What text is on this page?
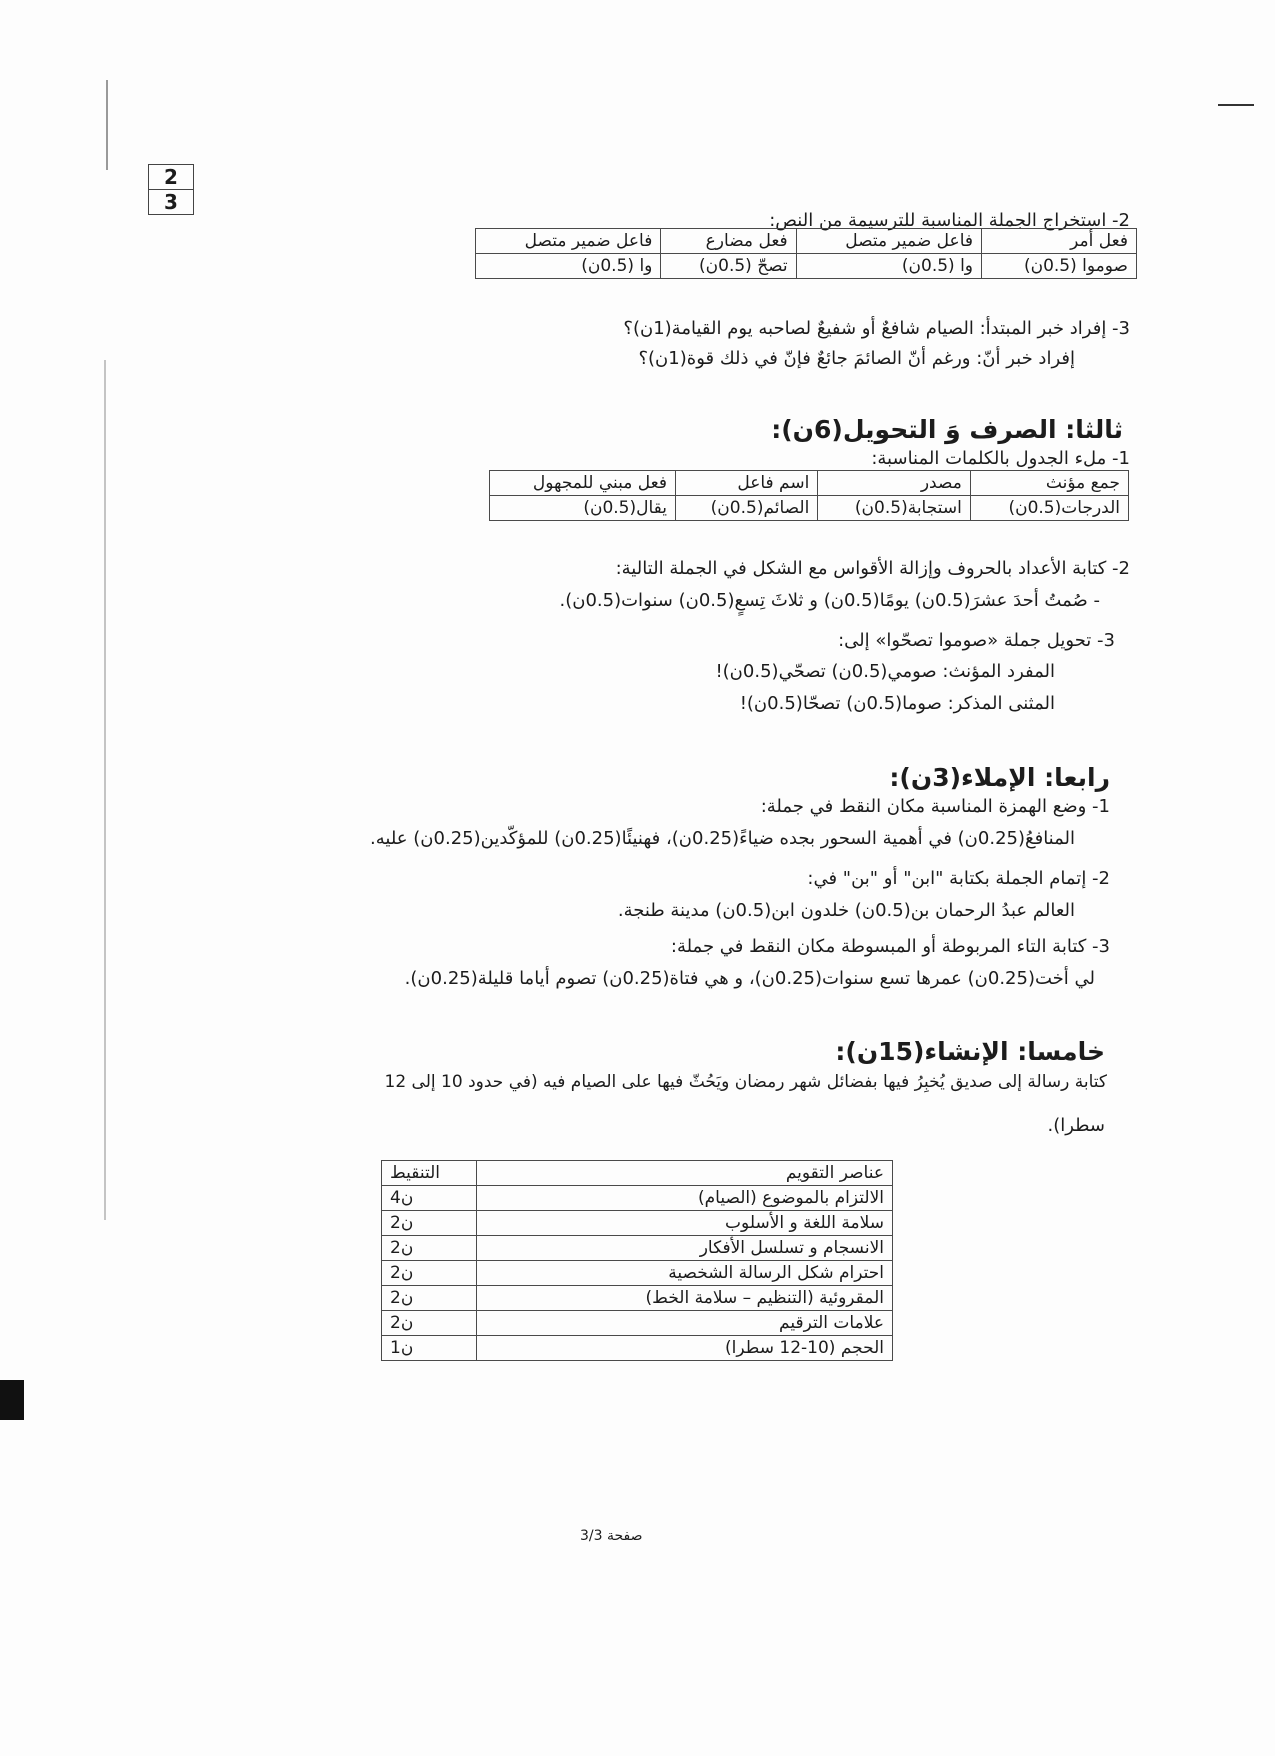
2
3
2- استخراج الجملة المناسبة للترسيمة من النص:
فعل أمر	فاعل ضمير متصل	فعل مضارع	فاعل ضمير متصل
صوموا (0.5ن)	وا (0.5ن)	تصحّ (0.5ن)	وا (0.5ن)
3- إفراد خبر المبتدأ: الصيام شافعٌ أو شفيعٌ لصاحبه يوم القيامة(1ن)؟
إفراد خبر أنّ: ورغم أنّ الصائمَ جائعٌ فإنّ في ذلك قوة(1ن)؟
ثالثا: الصرف وَ التحويل(6ن):
1- ملء الجدول بالكلمات المناسبة:
جمع مؤنث	مصدر	اسم فاعل	فعل مبني للمجهول
الدرجات(0.5ن)	استجابة(0.5ن)	الصائم(0.5ن)	يقال(0.5ن)
2- كتابة الأعداد بالحروف وإزالة الأقواس مع الشكل في الجملة التالية:
- صُمتُ أحدَ عشرَ(0.5ن) يومًا(0.5ن) و ثلاثَ تِسعٍ(0.5ن) سنوات(0.5ن).
3- تحويل جملة «صوموا تصحّوا» إلى:
المفرد المؤنث: صومي(0.5ن) تصحّي(0.5ن)!
المثنى المذكر: صوما(0.5ن) تصحّا(0.5ن)!
رابعا: الإملاء(3ن):
1- وضع الهمزة المناسبة مكان النقط في جملة:
المنافعُ(0.25ن) في أهمية السحور بجده ضياءً(0.25ن)، فهنيئًا(0.25ن) للمؤكّدين(0.25ن) عليه.
2- إتمام الجملة بكتابة "ابن" أو "بن" في:
العالم عبدُ الرحمان بن(0.5ن) خلدون ابن(0.5ن) مدينة طنجة.
3- كتابة التاء المربوطة أو المبسوطة مكان النقط في جملة:
لي أخت(0.25ن) عمرها تسع سنوات(0.25ن)، و هي فتاة(0.25ن) تصوم أياما قليلة(0.25ن).
خامسا: الإنشاء(15ن):
كتابة رسالة إلى صديق يُخبِرُ فيها بفضائل شهر رمضان ويَحُثّ فيها على الصيام فيه (في حدود 10 إلى 12
سطرا).
عناصر التقويم	التنقيط
الالتزام بالموضوع (الصيام)	4ن
سلامة اللغة و الأسلوب	2ن
الانسجام و تسلسل الأفكار	2ن
احترام شكل الرسالة الشخصية	2ن
المقروئية (التنظيم – سلامة الخط)	2ن
علامات الترقيم	2ن
الحجم (10-12 سطرا)	1ن
صفحة 3/3
